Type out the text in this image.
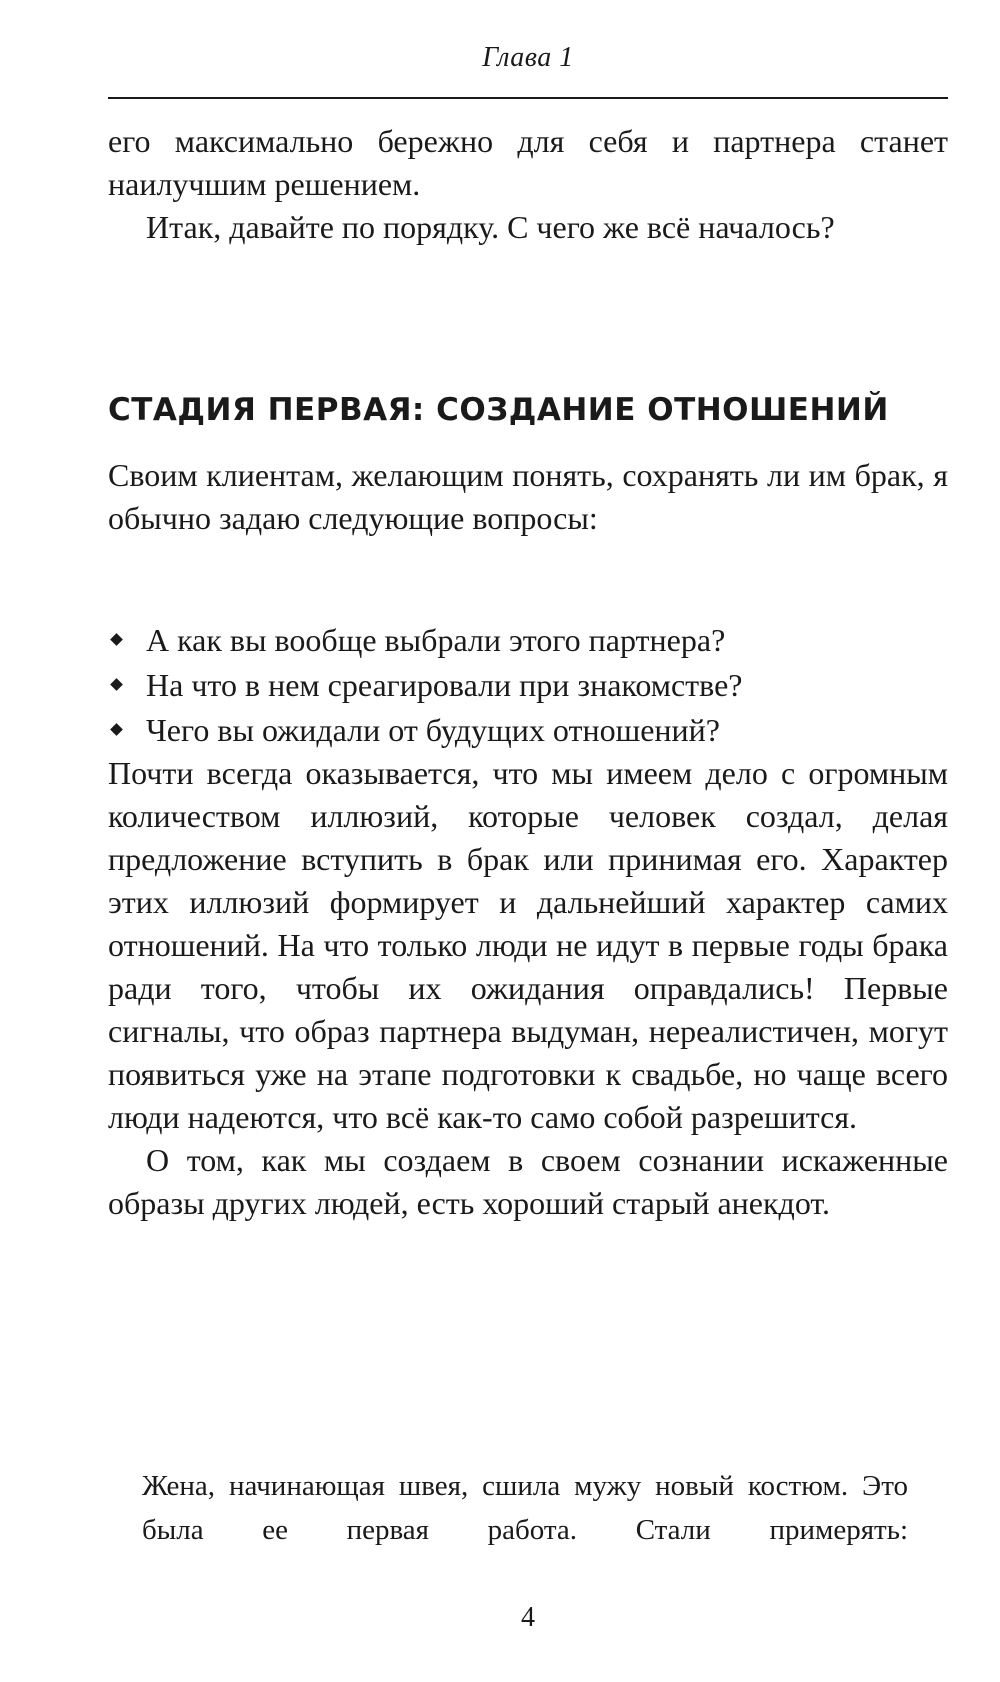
Глава 1

его максимально бережно для себя и партнера станет наилучшим решением.

Итак, давайте по порядку. С чего же всё началось?

СТАДИЯ ПЕРВАЯ: СОЗДАНИЕ ОТНОШЕНИЙ

Своим клиентам, желающим понять, сохранять ли им брак, я обычно задаю следующие вопросы:

А как вы вообще выбрали этого партнера?
На что в нем среагировали при знакомстве?
Чего вы ожидали от будущих отношений?

Почти всегда оказывается, что мы имеем дело с огромным количеством иллюзий, которые человек создал, делая предложение вступить в брак или принимая его. Характер этих иллюзий формирует и дальнейший характер самих отношений. На что только люди не идут в первые годы брака ради того, чтобы их ожидания оправдались! Первые сигналы, что образ партнера выдуман, нереалистичен, могут появиться уже на этапе подготовки к свадьбе, но чаще всего люди надеются, что всё как-то само собой разрешится.

О том, как мы создаем в своем сознании искаженные образы других людей, есть хороший старый анекдот.

Жена, начинающая швея, сшила мужу новый костюм. Это была ее первая работа. Стали примерять:

4
